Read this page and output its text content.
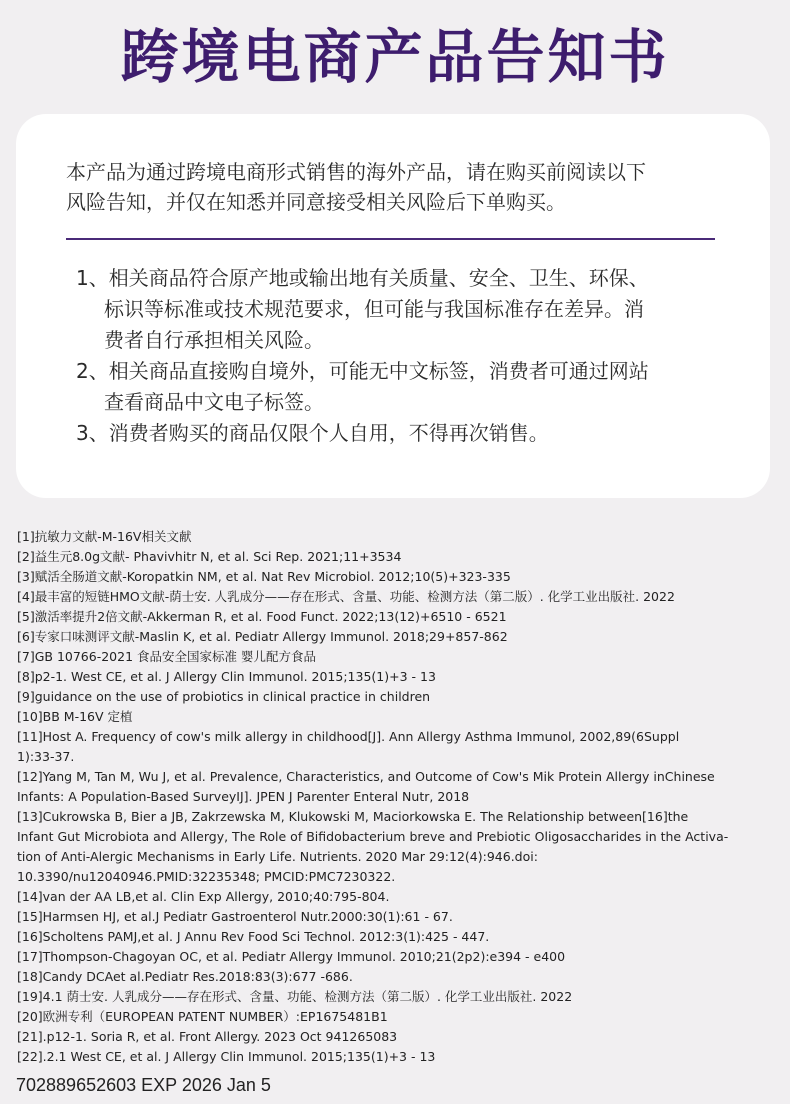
跨境电商产品告知书
本产品为通过跨境电商形式销售的海外产品，请在购买前阅读以下
风险告知，并仅在知悉并同意接受相关风险后下单购买。
1、相关商品符合原产地或输出地有关质量、安全、卫生、环保、
标识等标准或技术规范要求，但可能与我国标准存在差异。消
费者自行承担相关风险。
2、相关商品直接购自境外，可能无中文标签，消费者可通过网站
查看商品中文电子标签。
3、消费者购买的商品仅限个人自用，不得再次销售。
[1]抗敏力文献-M-16V相关文献
[2]益生元8.0g文献- Phavivhitr N, et al. Sci Rep. 2021;11+3534
[3]赋活全肠道文献-Koropatkin NM, et al. Nat Rev Microbiol. 2012;10(5)+323-335
[4]最丰富的短链HMO文献-荫士安. 人乳成分——存在形式、含量、功能、检测方法（第二版）. 化学工业出版社. 2022
[5]激活率提升2倍文献-Akkerman R, et al. Food Funct. 2022;13(12)+6510 - 6521
[6]专家口味测评文献-Maslin K, et al. Pediatr Allergy Immunol. 2018;29+857-862
[7]GB 10766-2021 食品安全国家标准 婴儿配方食品
[8]p2-1. West CE, et al. J Allergy Clin Immunol. 2015;135(1)+3 - 13
[9]guidance on the use of probiotics in clinical practice in children
[10]BB M-16V 定植
[11]Host A. Frequency of cow's milk allergy in childhood[J]. Ann Allergy Asthma Immunol, 2002,89(6Suppl
1):33-37.
[12]Yang M, Tan M, Wu J, et al. Prevalence, Characteristics, and Outcome of Cow's Mik Protein Allergy inChinese
Infants: A Population-Based SurveyIJ]. JPEN J Parenter Enteral Nutr, 2018
[13]Cukrowska B, Bier a JB, Zakrzewska M, Klukowski M, Maciorkowska E. The Relationship between[16]the
Infant Gut Microbiota and Allergy, The Role of Bifidobacterium breve and Prebiotic Oligosaccharides in the Activa-
tion of Anti-Alergic Mechanisms in Early Life. Nutrients. 2020 Mar 29:12(4):946.doi:
10.3390/nu12040946.PMID:32235348; PMCID:PMC7230322.
[14]van der AA LB,et al. Clin Exp Allergy, 2010;40:795-804.
[15]Harmsen HJ, et al.J Pediatr Gastroenterol Nutr.2000:30(1):61 - 67.
[16]Scholtens PAMJ,et al. J Annu Rev Food Sci Technol. 2012:3(1):425 - 447.
[17]Thompson-Chagoyan OC, et al. Pediatr Allergy Immunol. 2010;21(2p2):e394 - e400
[18]Candy DCAet al.Pediatr Res.2018:83(3):677 -686.
[19]4.1 荫士安. 人乳成分——存在形式、含量、功能、检测方法（第二版）. 化学工业出版社. 2022
[20]欧洲专利（EUROPEAN PATENT NUMBER）:EP1675481B1
[21].p12-1. Soria R, et al. Front Allergy. 2023 Oct 941265083
[22].2.1 West CE, et al. J Allergy Clin Immunol. 2015;135(1)+3 - 13
702889652603 EXP 2026 Jan 5
